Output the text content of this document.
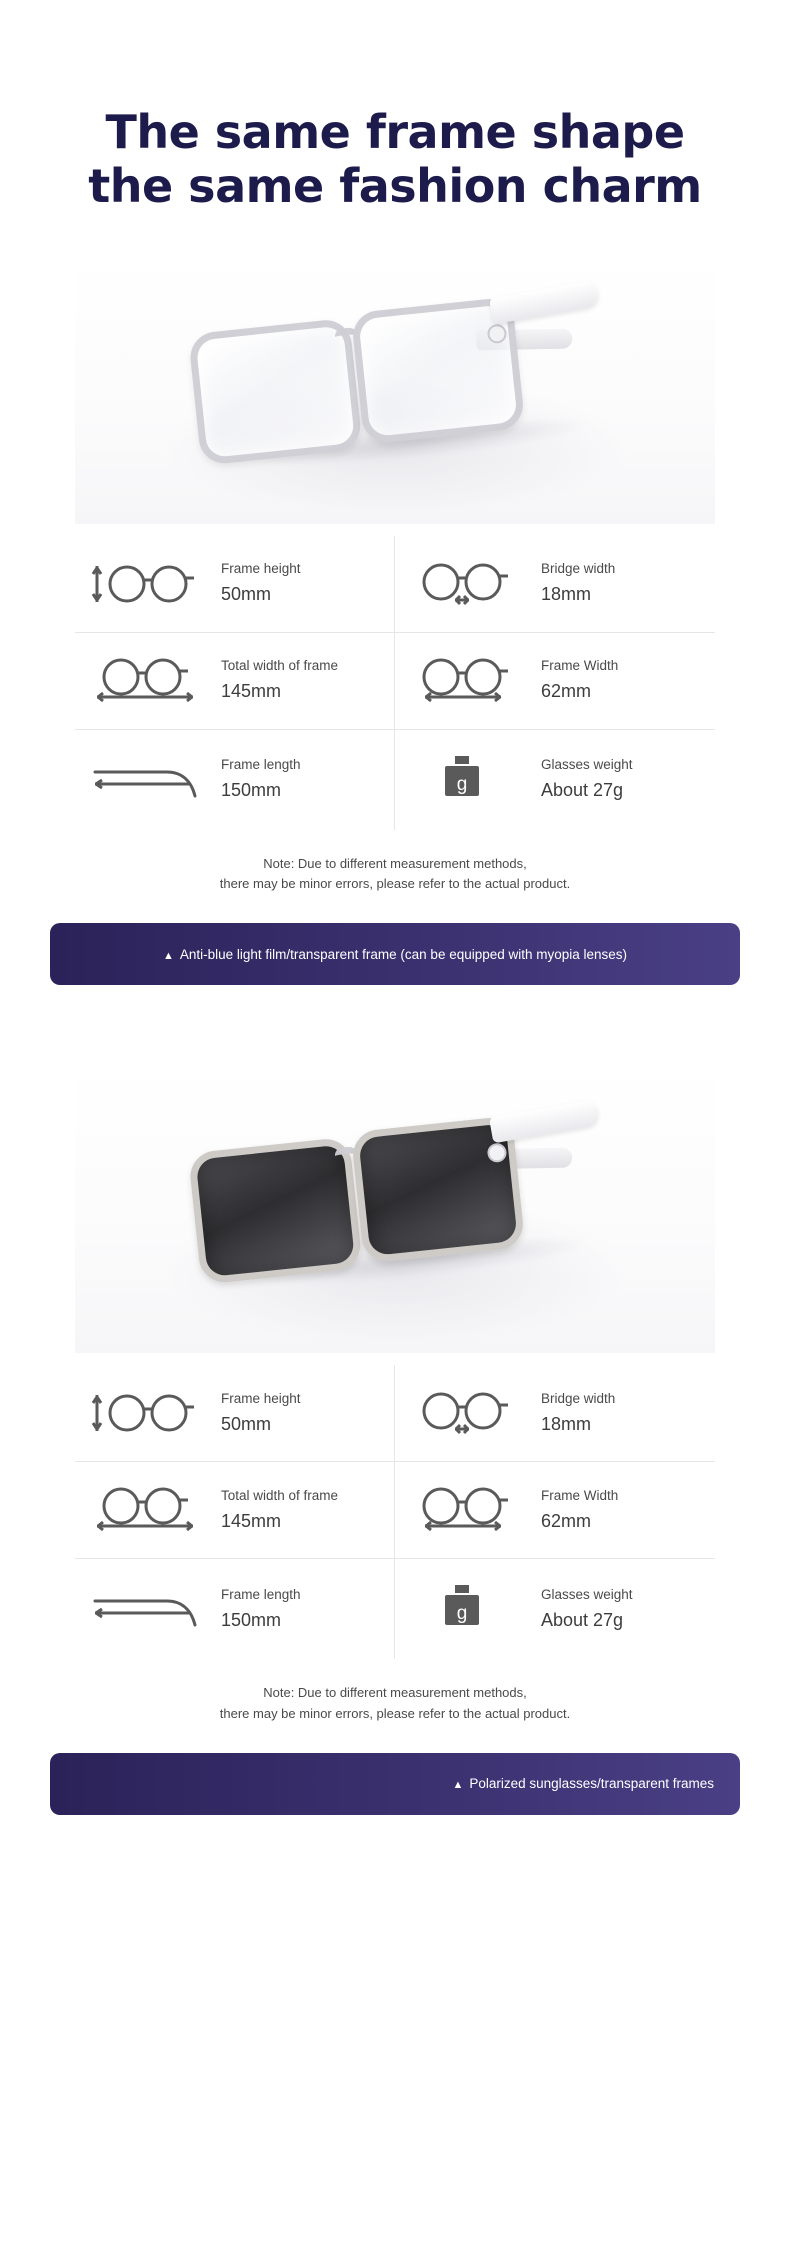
The same frame shape
the same fashion charm
Frame height
50mm
Bridge width
18mm
Total width of frame
145mm
Frame Width
62mm
Frame length
150mm	g
Glasses weight
About 27g
Note: Due to different measurement methods,
there may be minor errors, please refer to the actual product.
▲ Anti-blue light film/transparent frame (can be equipped with myopia lenses)
Frame height
50mm
Bridge width
18mm
Total width of frame
145mm
Frame Width
62mm
Frame length
150mm	g
Glasses weight
About 27g
Note: Due to different measurement methods,
there may be minor errors, please refer to the actual product.
▲ Polarized sunglasses/transparent frames
